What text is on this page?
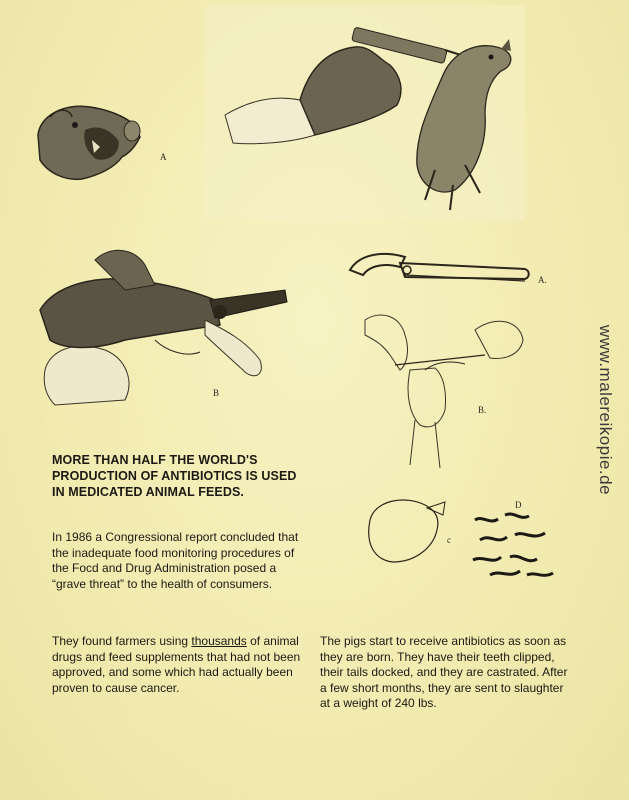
A
B
A.
B.
c
D
MORE THAN HALF THE WORLD'S PRODUCTION OF ANTIBIOTICS IS USED IN MEDICATED ANIMAL FEEDS.
In 1986 a Congressional report concluded that the inadequate food monitoring procedures of the Focd and Drug Administration posed a “grave threat” to the health of consumers.
They found farmers using thousands of animal drugs and feed supplements that had not been approved, and some which had actually been proven to cause cancer.
The pigs start to receive antibiotics as soon as they are born. They have their teeth clipped, their tails docked, and they are castrated. After a few short months, they are sent to slaughter at a weight of 240 lbs.
www.malereikopie.de
